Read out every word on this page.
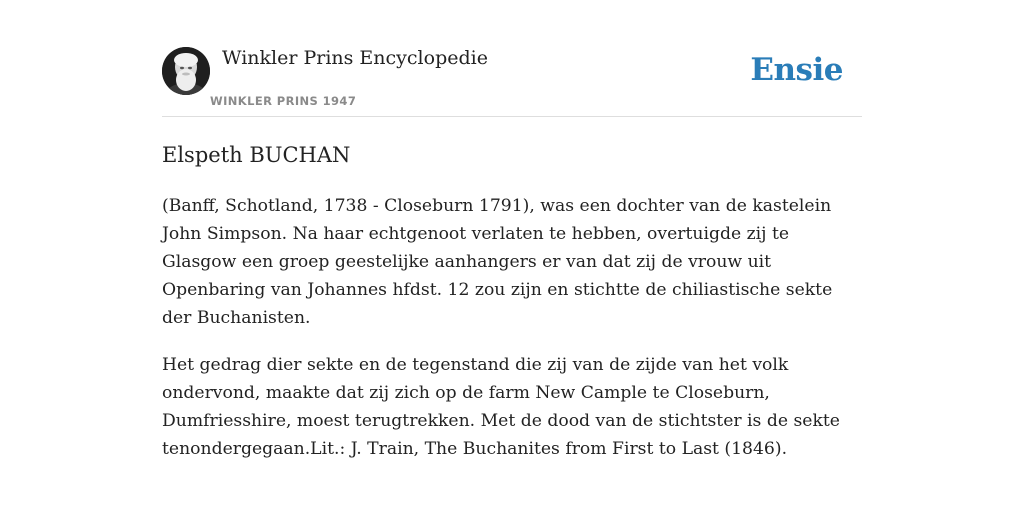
Winkler Prins Encyclopedie
WINKLER PRINS 1947
Ensie
Elspeth BUCHAN

(Banff, Schotland, 1738 - Closeburn 1791), was een dochter van de kastelein John Simpson. Na haar echtgenoot verlaten te hebben, overtuigde zij te Glasgow een groep geestelijke aanhangers er van dat zij de vrouw uit Openbaring van Johannes hfdst. 12 zou zijn en stichtte de chiliastische sekte der Buchanisten.

Het gedrag dier sekte en de tegenstand die zij van de zijde van het volk ondervond, maakte dat zij zich op de farm New Cample te Closeburn, Dumfriesshire, moest terugtrekken. Met de dood van de stichtster is de sekte tenondergegaan.Lit.: J. Train, The Buchanites from First to Last (1846).
